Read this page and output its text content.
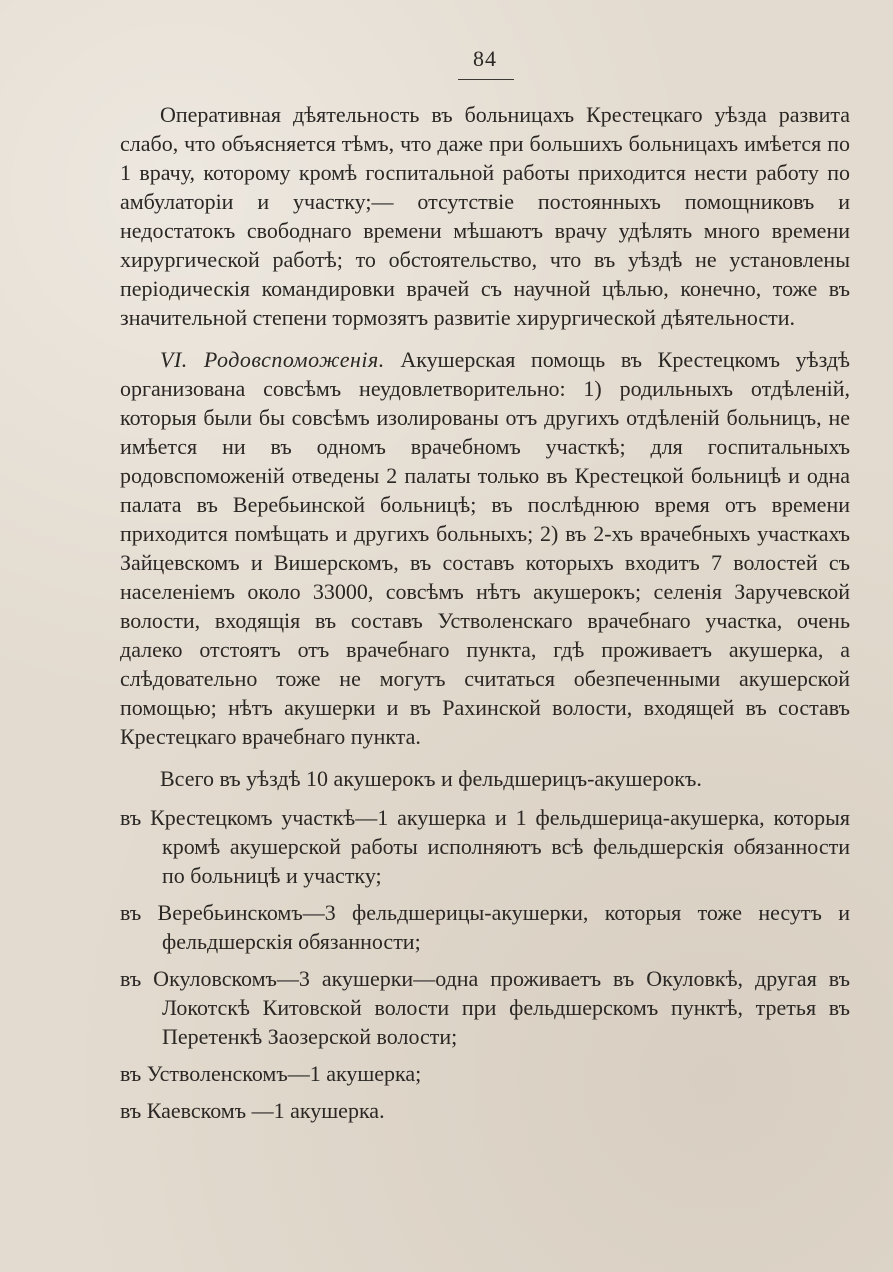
84

Оперативная дѣятельность въ больницахъ Крестецкаго уѣзда развита слабо, что объясняется тѣмъ, что даже при большихъ больницахъ имѣется по 1 врачу, которому кромѣ госпитальной работы приходится нести работу по амбулаторіи и участку;— отсутствіе постоянныхъ помощниковъ и недостатокъ свободнаго времени мѣшаютъ врачу удѣлять много времени хирургической работѣ; то обстоятельство, что въ уѣздѣ не установлены періодическія командировки врачей съ научной цѣлью, конечно, тоже въ значительной степени тормозятъ развитіе хирургической дѣятельности.

VI. Родовспоможенія. Акушерская помощь въ Крестецкомъ уѣздѣ организована совсѣмъ неудовлетворительно: 1) родильныхъ отдѣленій, которыя были бы совсѣмъ изолированы отъ другихъ отдѣленій больницъ, не имѣется ни въ одномъ врачебномъ участкѣ; для госпитальныхъ родовспоможеній отведены 2 палаты только въ Крестецкой больницѣ и одна палата въ Веребьинской больницѣ; въ послѣднюю время отъ времени приходится помѣщать и другихъ больныхъ; 2) въ 2-хъ врачебныхъ участкахъ Зайцевскомъ и Вишерскомъ, въ составъ которыхъ входитъ 7 волостей съ населеніемъ около 33000, совсѣмъ нѣтъ акушерокъ; селенія Заручевской волости, входящія въ составъ Устволенскаго врачебнаго участка, очень далеко отстоятъ отъ врачебнаго пункта, гдѣ проживаетъ акушерка, а слѣдовательно тоже не могутъ считаться обезпеченными акушерской помощью; нѣтъ акушерки и въ Рахинской волости, входящей въ составъ Крестецкаго врачебнаго пункта.

Всего въ уѣздѣ 10 акушерокъ и фельдшерицъ-акушерокъ.

въ Крестецкомъ участкѣ—1 акушерка и 1 фельдшерица-акушерка, которыя кромѣ акушерской работы исполняютъ всѣ фельдшерскія обязанности по больницѣ и участку;

въ Веребьинскомъ—3 фельдшерицы-акушерки, которыя тоже несутъ и фельдшерскія обязанности;

въ Окуловскомъ—3 акушерки—одна проживаетъ въ Окуловкѣ, другая въ Локотскѣ Китовской волости при фельдшерскомъ пунктѣ, третья въ Перетенкѣ Заозерской волости;

въ Устволенскомъ—1 акушерка;

въ Каевскомъ —1 акушерка.
